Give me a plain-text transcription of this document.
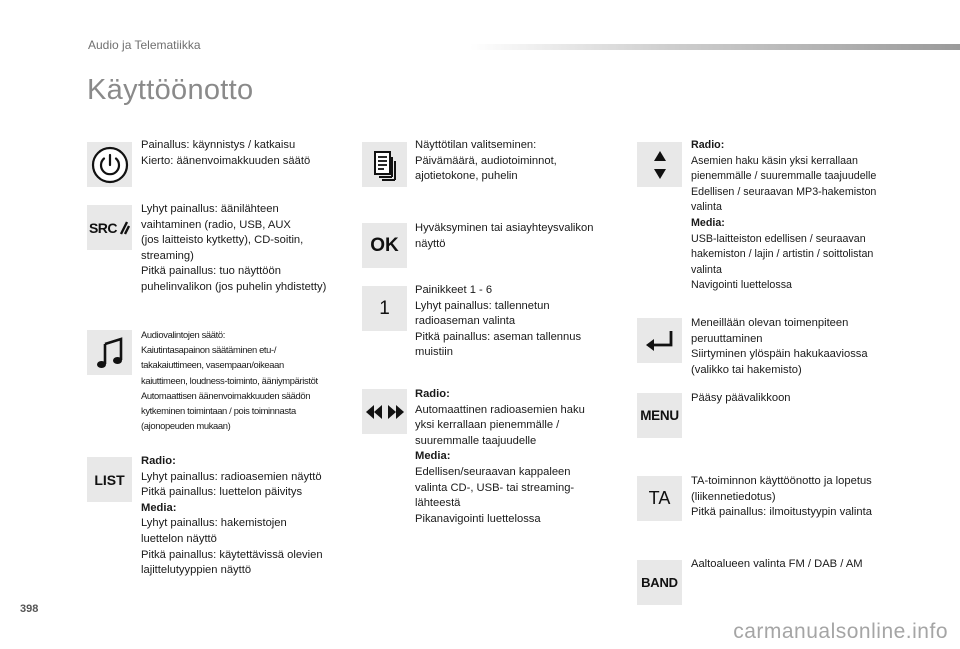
Audio ja Telematiikka
Käyttöönotto
Painallus: käynnistys / katkaisu
Kierto: äänenvoimakkuuden säätö
SRC
Lyhyt painallus: äänilähteen
vaihtaminen (radio, USB, AUX
(jos laitteisto kytketty), CD-soitin,
streaming)
Pitkä painallus: tuo näyttöön
puhelinvalikon (jos puhelin yhdistetty)
Audiovalintojen säätö:
Kaiutintasapainon säätäminen etu-/
takakaiuttimeen, vasempaan/oikeaan
kaiuttimeen, loudness-toiminto, ääniympäristöt
Automaattisen äänenvoimakkuuden säädön
kytkeminen toimintaan / pois toiminnasta
(ajonopeuden mukaan)
LIST
Radio:
Lyhyt painallus: radioasemien näyttö
Pitkä painallus: luettelon päivitys
Media:
Lyhyt painallus: hakemistojen
luettelon näyttö
Pitkä painallus: käytettävissä olevien
lajittelutyyppien näyttö
Näyttötilan valitseminen:
Päivämäärä, audiotoiminnot,
ajotietokone, puhelin
OK
Hyväksyminen tai asiayhteysvalikon
näyttö
1
Painikkeet 1 - 6
Lyhyt painallus: tallennetun
radioaseman valinta
Pitkä painallus: aseman tallennus
muistiin
Radio:
Automaattinen radioasemien haku
yksi kerrallaan pienemmälle /
suuremmalle taajuudelle
Media:
Edellisen/seuraavan kappaleen
valinta CD-, USB- tai streaming-
lähteestä
Pikanavigointi luettelossa
Radio:
Asemien haku käsin yksi kerrallaan
pienemmälle / suuremmalle taajuudelle
Edellisen / seuraavan MP3-hakemiston
valinta
Media:
USB-laitteiston edellisen / seuraavan
hakemiston / lajin / artistin / soittolistan
valinta
Navigointi luettelossa
Meneillään olevan toimenpiteen
peruuttaminen
Siirtyminen ylöspäin hakukaaviossa
(valikko tai hakemisto)
MENU
Pääsy päävalikkoon
TA
TA-toiminnon käyttöönotto ja lopetus
(liikennetiedotus)
Pitkä painallus: ilmoitustyypin valinta
BAND
Aaltoalueen valinta FM / DAB / AM
398
carmanualsonline.info
